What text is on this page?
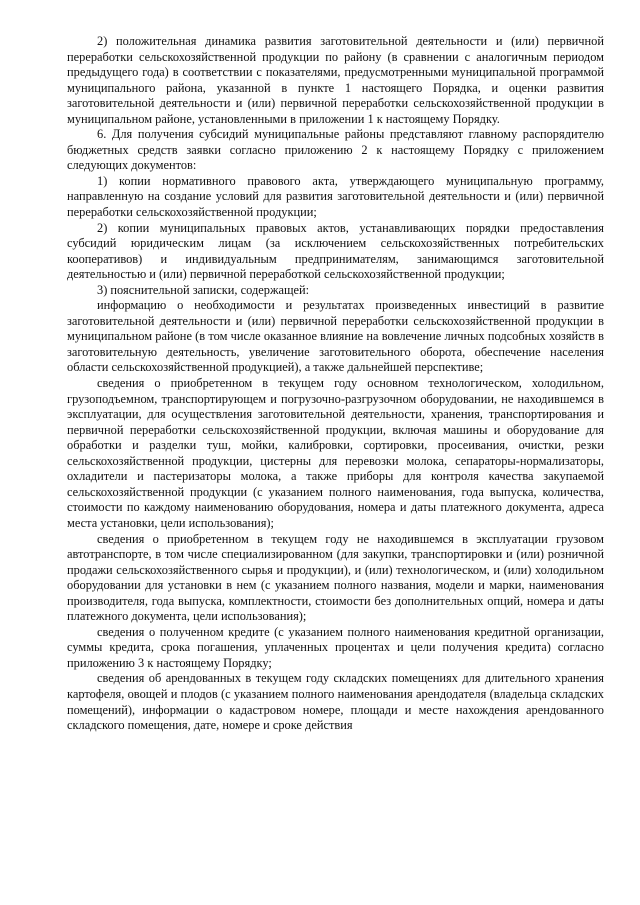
2) положительная динамика развития заготовительной деятельности и (или) первичной переработки сельскохозяйственной продукции по району (в сравнении с аналогичным периодом предыдущего года) в соответствии с показателями, предусмотренными муниципальной программой муниципального района, указанной в пункте 1 настоящего Порядка, и оценки развития заготовительной деятельности и (или) первичной переработки сельскохозяйственной продукции в муниципальном районе, установленными в приложении 1 к настоящему Порядку.

6. Для получения субсидий муниципальные районы представляют главному распорядителю бюджетных средств заявки согласно приложению 2 к настоящему Порядку с приложением следующих документов:

1) копии нормативного правового акта, утверждающего муниципальную программу, направленную на создание условий для развития заготовительной деятельности и (или) первичной переработки сельскохозяйственной продукции;

2) копии муниципальных правовых актов, устанавливающих порядки предоставления субсидий юридическим лицам (за исключением сельскохозяйственных потребительских кооперативов) и индивидуальным предпринимателям, занимающимся заготовительной деятельностью и (или) первичной переработкой сельскохозяйственной продукции;

3) пояснительной записки, содержащей:

информацию о необходимости и результатах произведенных инвестиций в развитие заготовительной деятельности и (или) первичной переработки сельскохозяйственной продукции в муниципальном районе (в том числе оказанное влияние на вовлечение личных подсобных хозяйств в заготовительную деятельность, увеличение заготовительного оборота, обеспечение населения области сельскохозяйственной продукцией), а также дальнейшей перспективе;

сведения о приобретенном в текущем году основном технологическом, холодильном, грузоподъемном, транспортирующем и погрузочно-разгрузочном оборудовании, не находившемся в эксплуатации, для осуществления заготовительной деятельности, хранения, транспортирования и первичной переработки сельскохозяйственной продукции, включая машины и оборудование для обработки и разделки туш, мойки, калибровки, сортировки, просеивания, очистки, резки сельскохозяйственной продукции, цистерны для перевозки молока, сепараторы-нормализаторы, охладители и пастеризаторы молока, а также приборы для контроля качества закупаемой сельскохозяйственной продукции (с указанием полного наименования, года выпуска, количества, стоимости по каждому наименованию оборудования, номера и даты платежного документа, адреса места установки, цели использования);

сведения о приобретенном в текущем году не находившемся в эксплуатации грузовом автотранспорте, в том числе специализированном (для закупки, транспортировки и (или) розничной продажи сельскохозяйственного сырья и продукции), и (или) технологическом, и (или) холодильном оборудовании для установки в нем (с указанием полного названия, модели и марки, наименования производителя, года выпуска, комплектности, стоимости без дополнительных опций, номера и даты платежного документа, цели использования);

сведения о полученном кредите (с указанием полного наименования кредитной организации, суммы кредита, срока погашения, уплаченных процентах и цели получения кредита) согласно приложению 3 к настоящему Порядку;

сведения об арендованных в текущем году складских помещениях для длительного хранения картофеля, овощей и плодов (с указанием полного наименования арендодателя (владельца складских помещений), информации о кадастровом номере, площади и месте нахождения арендованного складского помещения, дате, номере и сроке действия
